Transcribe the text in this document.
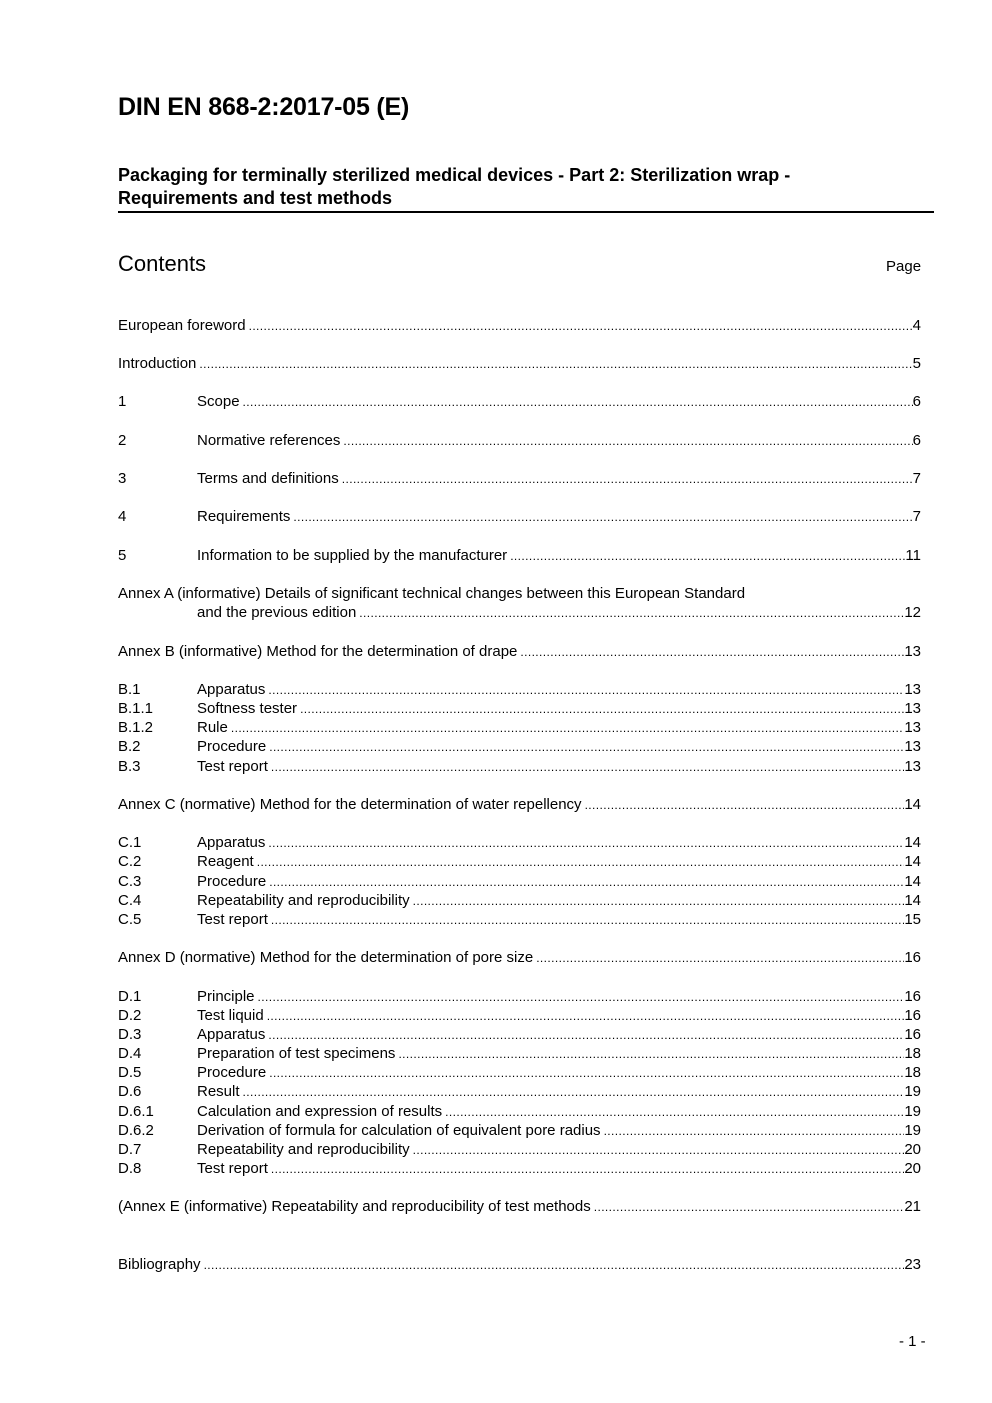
DIN EN 868-2:2017-05 (E)
Packaging for terminally sterilized medical devices - Part 2: Sterilization wrap -
Requirements and test methods
Contents	Page
European foreword .....	4
Introduction .....	5
1	Scope .....	6
2	Normative references .....	6
3	Terms and definitions .....	7
4	Requirements .....	7
5	Information to be supplied by the manufacturer .....	11
Annex A (informative) Details of significant technical changes between this European Standard
and the previous edition .....	12
Annex B (informative) Method for the determination of drape .....	13
B.1	Apparatus .....	13
B.1.1	Softness tester .....	13
B.1.2	Rule .....	13
B.2	Procedure .....	13
B.3	Test report .....	13
Annex C (normative) Method for the determination of water repellency .....	14
C.1	Apparatus .....	14
C.2	Reagent .....	14
C.3	Procedure .....	14
C.4	Repeatability and reproducibility .....	14
C.5	Test report .....	15
Annex D (normative) Method for the determination of pore size .....	16
D.1	Principle .....	16
D.2	Test liquid .....	16
D.3	Apparatus .....	16
D.4	Preparation of test specimens .....	18
D.5	Procedure .....	18
D.6	Result .....	19
D.6.1	Calculation and expression of results .....	19
D.6.2	Derivation of formula for calculation of equivalent pore radius .....	19
D.7	Repeatability and reproducibility .....	20
D.8	Test report .....	20
(Annex E (informative) Repeatability and reproducibility of test methods .....	21
Bibliography .....	23
- 1 -
